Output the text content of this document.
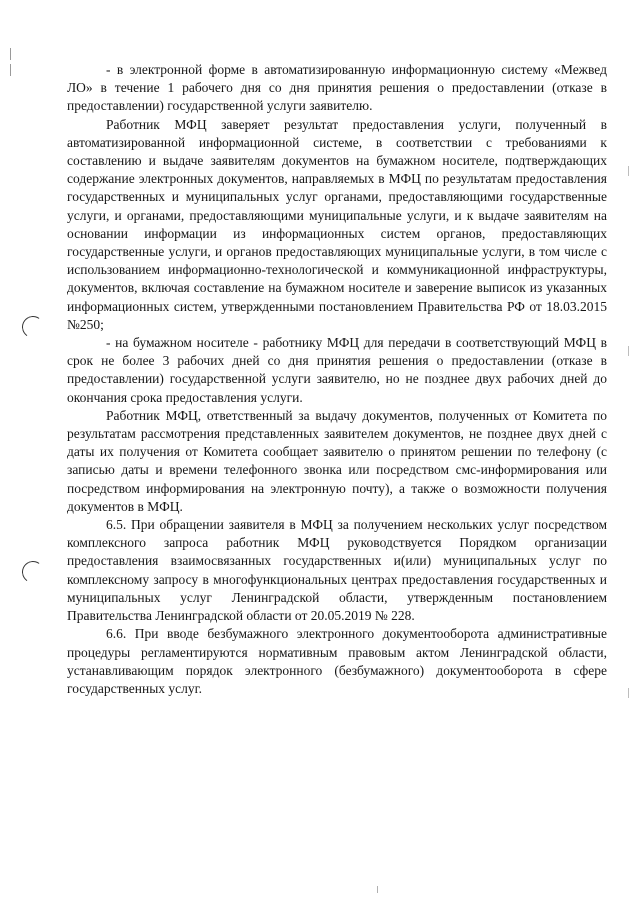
- в электронной форме в автоматизированную информационную систему «Межвед ЛО» в течение 1 рабочего дня со дня принятия решения о предоставлении (отказе в предоставлении) государственной услуги заявителю.

Работник МФЦ заверяет результат предоставления услуги, полученный в автоматизированной информационной системе, в соответствии с требованиями к составлению и выдаче заявителям документов на бумажном носителе, подтверждающих содержание электронных документов, направляемых в МФЦ по результатам предоставления государственных и муниципальных услуг органами, предоставляющими государственные услуги, и органами, предоставляющими муниципальные услуги, и к выдаче заявителям на основании информации из информационных систем органов, предоставляющих государственные услуги, и органов предоставляющих муниципальные услуги, в том числе с использованием информационно-технологической и коммуникационной инфраструктуры, документов, включая составление на бумажном носителе и заверение выписок из указанных информационных систем, утвержденными постановлением Правительства РФ от 18.03.2015 №250;

- на бумажном носителе - работнику МФЦ для передачи в соответствующий МФЦ в срок не более 3 рабочих дней со дня принятия решения о предоставлении (отказе в предоставлении) государственной услуги заявителю, но не позднее двух рабочих дней до окончания срока предоставления услуги.

Работник МФЦ, ответственный за выдачу документов, полученных от Комитета по результатам рассмотрения представленных заявителем документов, не позднее двух дней с даты их получения от Комитета сообщает заявителю о принятом решении по телефону (с записью даты и времени телефонного звонка или посредством смс-информирования или посредством информирования на электронную почту), а также о возможности получения документов в МФЦ.

6.5. При обращении заявителя в МФЦ за получением нескольких услуг посредством комплексного запроса работник МФЦ руководствуется Порядком организации предоставления взаимосвязанных государственных и(или) муниципальных услуг по комплексному запросу в многофункциональных центрах предоставления государственных и муниципальных услуг Ленинградской области, утвержденным постановлением Правительства Ленинградской области от 20.05.2019 № 228.

6.6. При вводе безбумажного электронного документооборота административные процедуры регламентируются нормативным правовым актом Ленинградской области, устанавливающим порядок электронного (безбумажного) документооборота в сфере государственных услуг.
